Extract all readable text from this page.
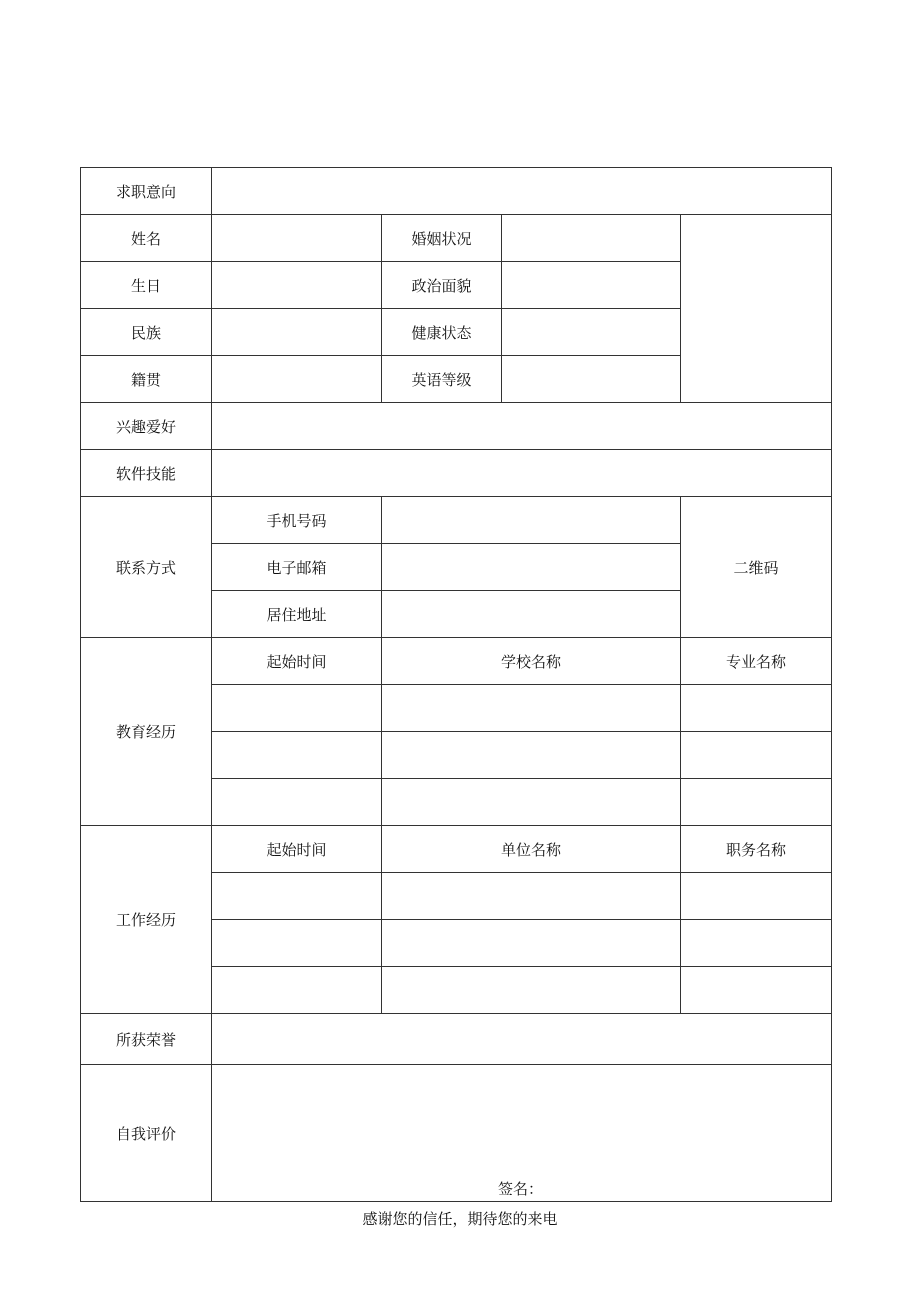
求职意向				
姓名		婚姻状况		
生日		政治面貌		
民族		健康状态		
籍贯		英语等级		
兴趣爱好				
软件技能				
联系方式	手机号码			二维码
	电子邮箱			
	居住地址			
教育经历	起始时间	学校名称		专业名称

工作经历	起始时间	单位名称		职务名称

所获荣誉				
自我评价	签名：			
感谢您的信任，期待您的来电
